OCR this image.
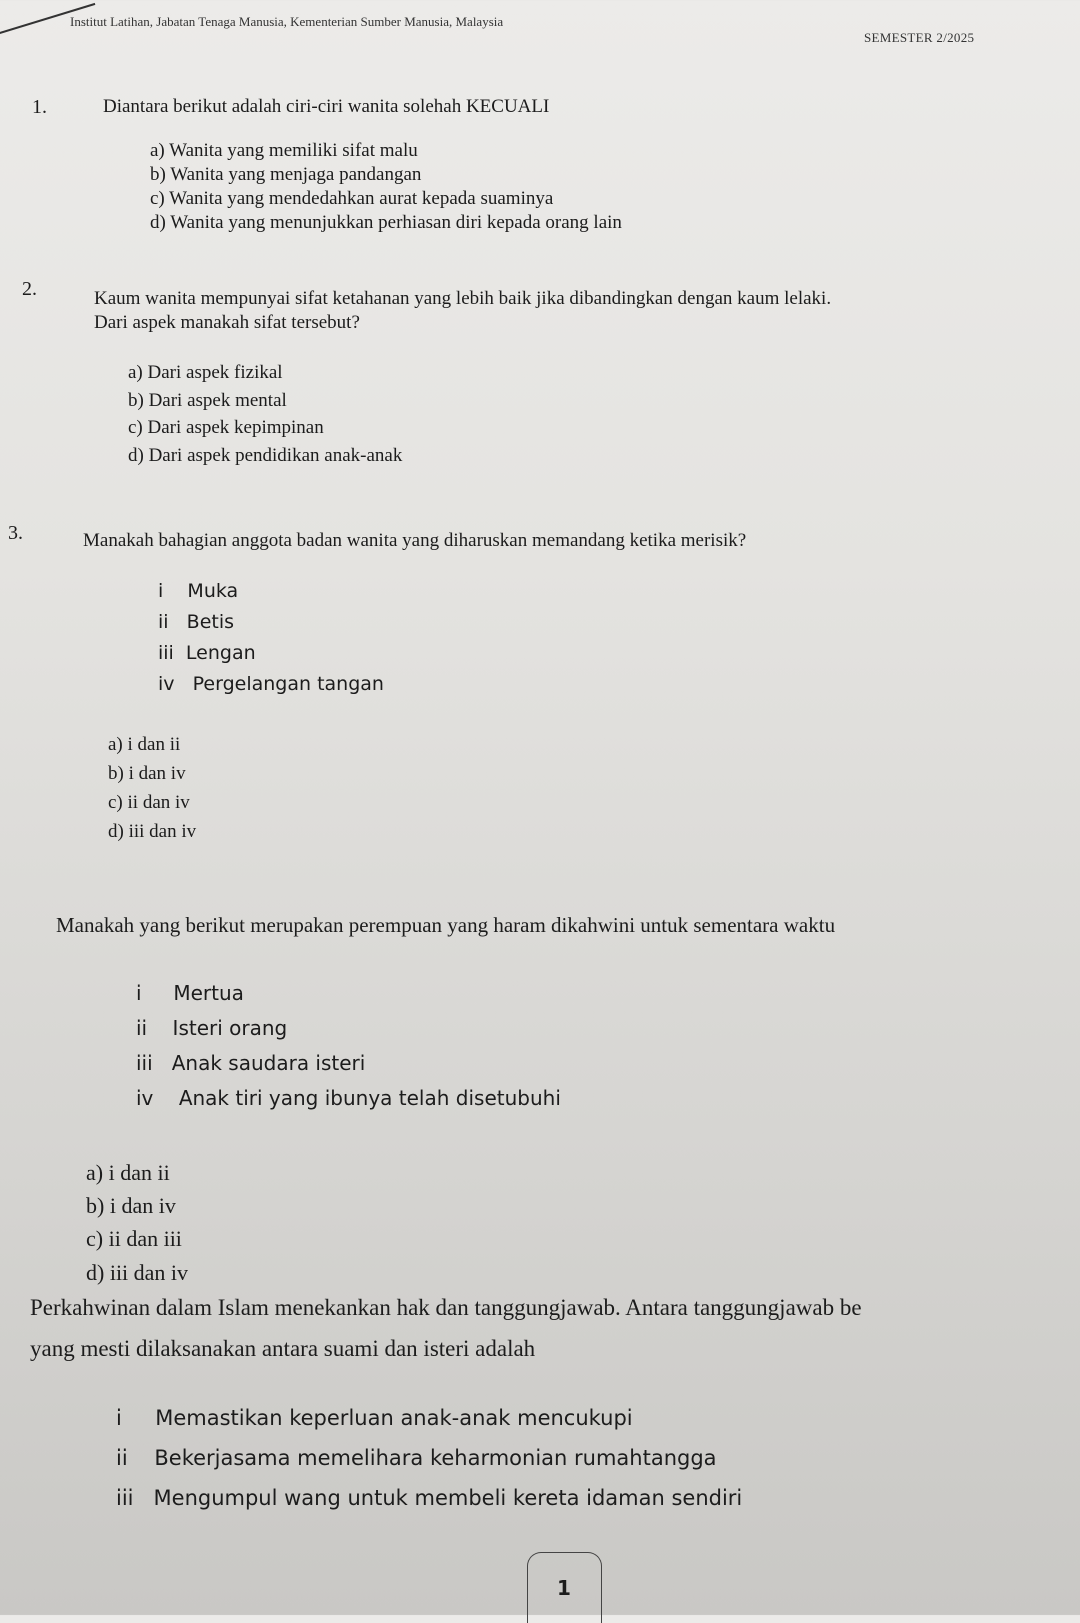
Institut Latihan, Jabatan Tenaga Manusia, Kementerian Sumber Manusia, Malaysia
SEMESTER 2/2025
1.	Diantara berikut adalah ciri-ciri wanita solehah KECUALI
a) Wanita yang memiliki sifat malu
b) Wanita yang menjaga pandangan
c) Wanita yang mendedahkan aurat kepada suaminya
d) Wanita yang menunjukkan perhiasan diri kepada orang lain
2.	Kaum wanita mempunyai sifat ketahanan yang lebih baik jika dibandingkan dengan kaum lelaki.
Dari aspek manakah sifat tersebut?
a) Dari aspek fizikal
b) Dari aspek mental
c) Dari aspek kepimpinan
d) Dari aspek pendidikan anak-anak
3.	Manakah bahagian anggota badan wanita yang diharuskan memandang ketika merisik?
i    Muka
ii   Betis
iii  Lengan
iv   Pergelangan tangan
a) i dan ii
b) i dan iv
c) ii dan iv
d) iii dan iv
Manakah yang berikut merupakan perempuan yang haram dikahwini untuk sementara waktu
i     Mertua
ii    Isteri orang
iii   Anak saudara isteri
iv    Anak tiri yang ibunya telah disetubuhi
a) i dan ii
b) i dan iv
c) ii dan iii
d) iii dan iv
Perkahwinan dalam Islam menekankan hak dan tanggungjawab. Antara tanggungjawab be
yang mesti dilaksanakan antara suami dan isteri adalah
i     Memastikan keperluan anak-anak mencukupi
ii    Bekerjasama memelihara keharmonian rumahtangga
iii   Mengumpul wang untuk membeli kereta idaman sendiri
1
